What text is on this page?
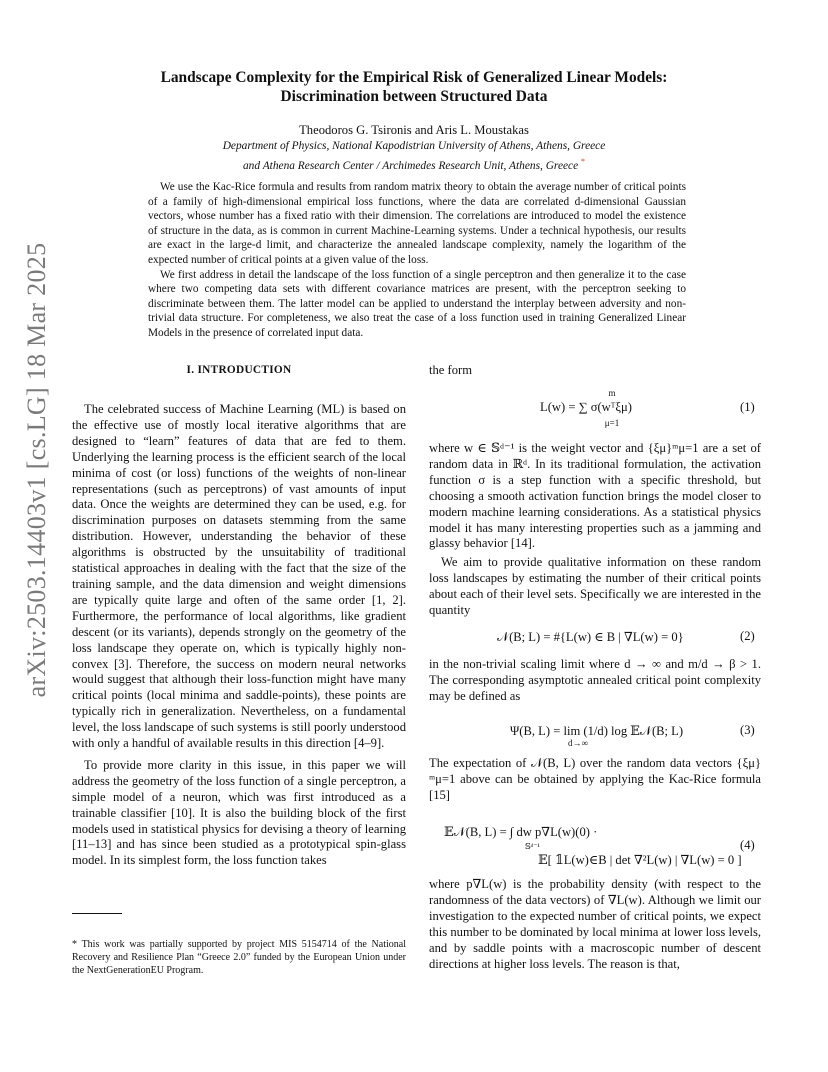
Landscape Complexity for the Empirical Risk of Generalized Linear Models:
Discrimination between Structured Data
Theodoros G. Tsironis and Aris L. Moustakas
Department of Physics, National Kapodistrian University of Athens, Athens, Greece
and Athena Research Center / Archimedes Research Unit, Athens, Greece *
arXiv:2503.14403v1 [cs.LG] 18 Mar 2025

We use the Kac-Rice formula and results from random matrix theory to obtain the average number of critical points of a family of high-dimensional empirical loss functions, where the data are correlated d-dimensional Gaussian vectors, whose number has a fixed ratio with their dimension. The correlations are introduced to model the existence of structure in the data, as is common in current Machine-Learning systems. Under a technical hypothesis, our results are exact in the large-d limit, and characterize the annealed landscape complexity, namely the logarithm of the expected number of critical points at a given value of the loss.

We first address in detail the landscape of the loss function of a single perceptron and then generalize it to the case where two competing data sets with different covariance matrices are present, with the perceptron seeking to discriminate between them. The latter model can be applied to understand the interplay between adversity and non-trivial data structure. For completeness, we also treat the case of a loss function used in training Generalized Linear Models in the presence of correlated input data.

I. INTRODUCTION

The celebrated success of Machine Learning (ML) is based on the effective use of mostly local iterative algorithms that are designed to “learn” features of data that are fed to them. Underlying the learning process is the efficient search of the local minima of cost (or loss) functions of the weights of non-linear representations (such as perceptrons) of vast amounts of input data. Once the weights are determined they can be used, e.g. for discrimination purposes on datasets stemming from the same distribution. However, understanding the behavior of these algorithms is obstructed by the unsuitability of traditional statistical approaches in dealing with the fact that the size of the training sample, and the data dimension and weight dimensions are typically quite large and often of the same order [1, 2]. Furthermore, the performance of local algorithms, like gradient descent (or its variants), depends strongly on the geometry of the loss landscape they operate on, which is typically highly non-convex [3]. Therefore, the success on modern neural networks would suggest that although their loss-function might have many critical points (local minima and saddle-points), these points are typically rich in generalization. Nevertheless, on a fundamental level, the loss landscape of such systems is still poorly understood with only a handful of available results in this direction [4–9].

To provide more clarity in this issue, in this paper we will address the geometry of the loss function of a single perceptron, a simple model of a neuron, which was first introduced as a trainable classifier [10]. It is also the building block of the first models used in statistical physics for devising a theory of learning [11–13] and has since been studied as a prototypical spin-glass model. In its simplest form, the loss function takes

the form
m
L(w) = ∑ σ(wᵀξμ)
μ=1
(1)
where w ∈ 𝕊ᵈ⁻¹ is the weight vector and {ξμ}ᵐμ=1 are a set of random data in ℝᵈ. In its traditional formulation, the activation function σ is a step function with a specific threshold, but choosing a smooth activation function brings the model closer to modern machine learning considerations. As a statistical physics model it has many interesting properties such as a jamming and glassy behavior [14].

We aim to provide qualitative information on these random loss landscapes by estimating the number of their critical points about each of their level sets. Specifically we are interested in the quantity

𝒩(B; L) = #{L(w) ∈ B | ∇L(w) = 0}	(2)
in the non-trivial scaling limit where d → ∞ and m/d → β > 1. The corresponding asymptotic annealed critical point complexity may be defined as
Ψ(B, L) = lim (1/d) log 𝔼𝒩(B; L)
d→∞
(3)
The expectation of 𝒩(B, L) over the random data vectors {ξμ}ᵐμ=1 above can be obtained by applying the Kac-Rice formula [15]
𝔼𝒩(B, L) = ∫ dw p∇L(w)(0) ·
𝕊ᵈ⁻¹
𝔼[ 𝟙L(w)∈B | det ∇²L(w) | ∇L(w) = 0 ]
(4)
where p∇L(w) is the probability density (with respect to the randomness of the data vectors) of ∇L(w). Although we limit our investigation to the expected number of critical points, we expect this number to be dominated by local minima at lower loss levels, and by saddle points with a macroscopic number of descent directions at higher loss levels. The reason is that,
* This work was partially supported by project MIS 5154714 of the National Recovery and Resilience Plan “Greece 2.0” funded by the European Union under the NextGenerationEU Program.
